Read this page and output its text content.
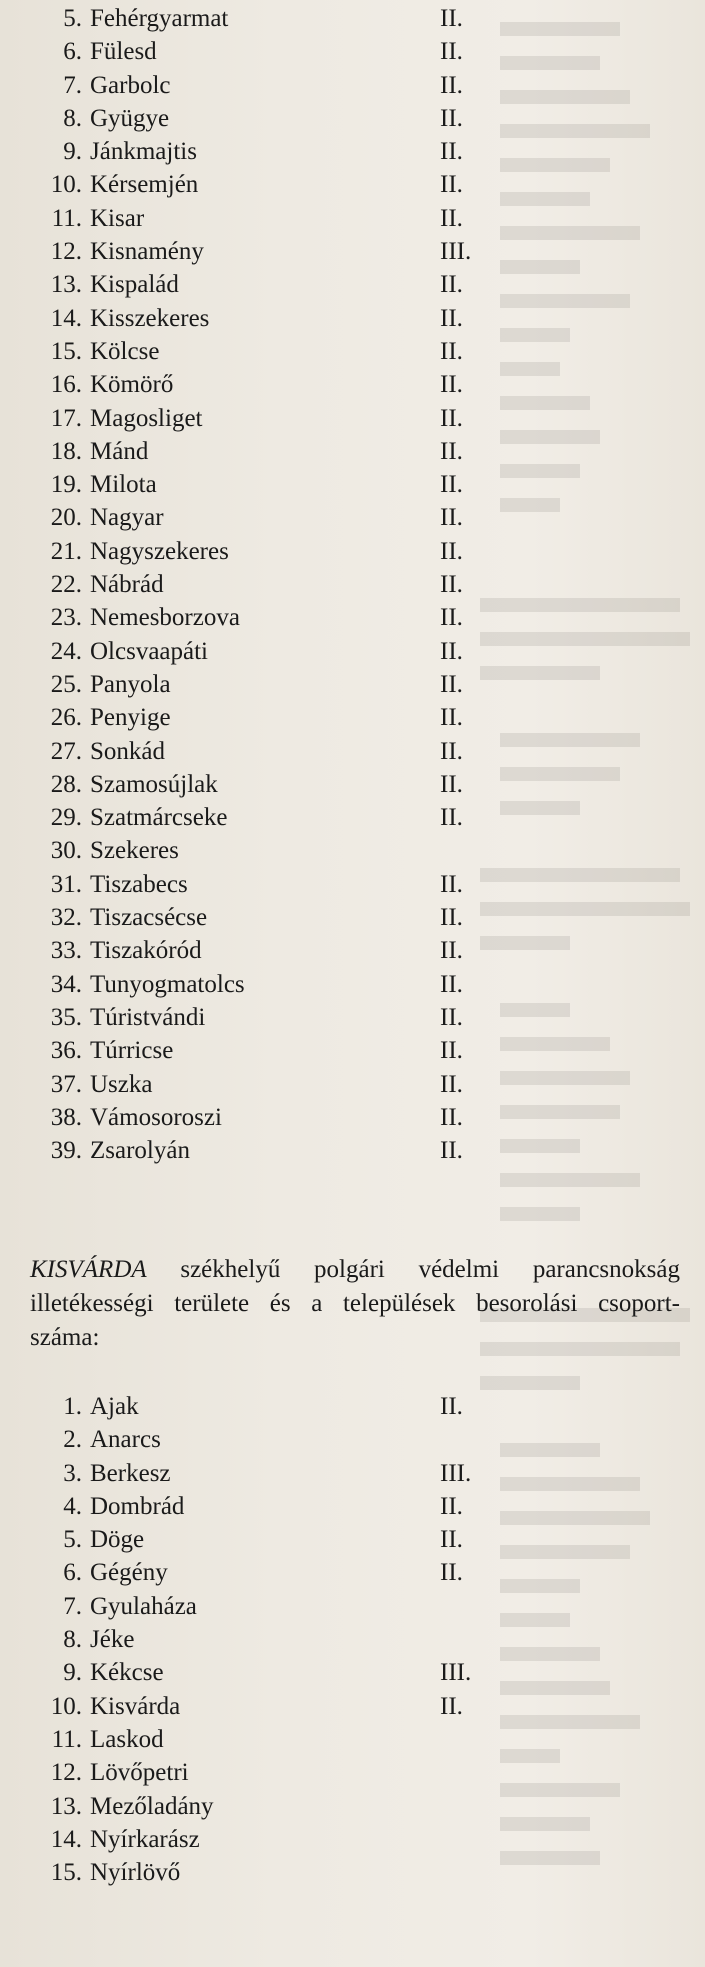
5. Fehérgyarmat	II.
6. Fülesd	II.
7. Garbolc	II.
8. Gyügye	II.
9. Jánkmajtis	II.
10. Kérsemjén	II.
11. Kisar	II.
12. Kisnamény	III.
13. Kispalád	II.
14. Kisszekeres	II.
15. Kölcse	II.
16. Kömörő	II.
17. Magosliget	II.
18. Mánd	II.
19. Milota	II.
20. Nagyar	II.
21. Nagyszekeres	II.
22. Nábrád	II.
23. Nemesborzova	II.
24. Olcsvaapáti	II.
25. Panyola	II.
26. Penyige	II.
27. Sonkád	II.
28. Szamosújlak	II.
29. Szatmárcseke	II.
30. Szekeres
31. Tiszabecs	II.
32. Tiszacsécse	II.
33. Tiszakóród	II.
34. Tunyogmatolcs	II.
35. Túristvándi	II.
36. Túrricse	II.
37. Uszka	II.
38. Vámosoroszi	II.
39. Zsarolyán	II.
KISVÁRDA székhelyű polgári védelmi parancsnokság
illetékességi területe és a települések besorolási csoport-
száma:
1. Ajak	II.
2. Anarcs
3. Berkesz	III.
4. Dombrád	II.
5. Döge	II.
6. Gégény	II.
7. Gyulaháza
8. Jéke
9. Kékcse	III.
10. Kisvárda	II.
11. Laskod
12. Lövőpetri
13. Mezőladány
14. Nyírkarász
15. Nyírlövő
